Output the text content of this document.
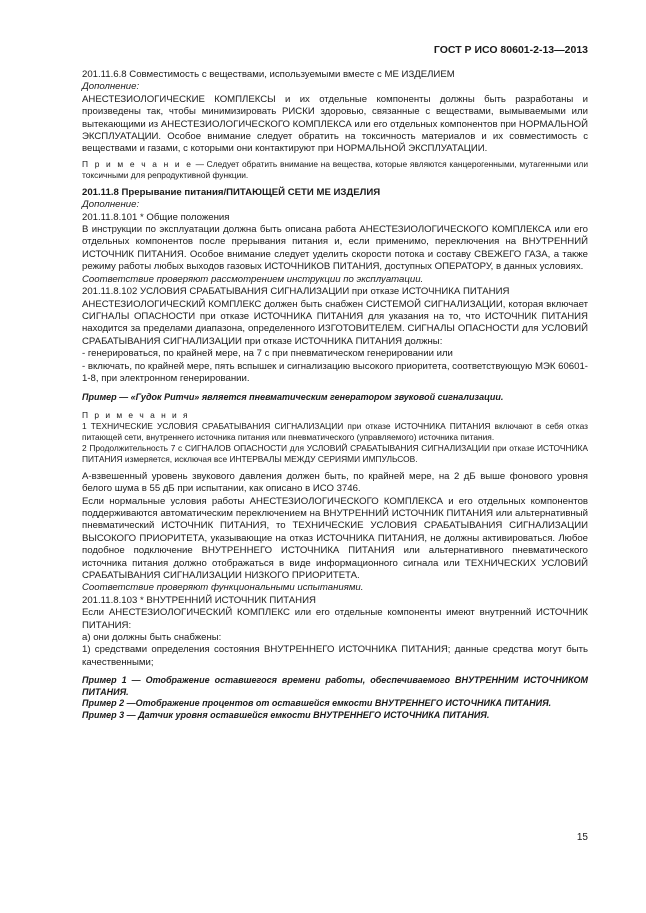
ГОСТ Р ИСО 80601-2-13—2013

201.11.6.8 Совместимость с веществами, используемыми вместе с МЕ ИЗДЕЛИЕМ

Дополнение:

АНЕСТЕЗИОЛОГИЧЕСКИЕ КОМПЛЕКСЫ и их отдельные компоненты должны быть разработаны и произведены так, чтобы минимизировать РИСКИ здоровью, связанные с веществами, вымываемыми или вытекающими из АНЕСТЕЗИОЛОГИЧЕСКОГО КОМПЛЕКСА или его отдельных компонентов при НОРМАЛЬНОЙ ЭКСПЛУАТАЦИИ. Особое внимание следует обратить на токсичность материалов и их совместимость с веществами и газами, с которыми они контактируют при НОРМАЛЬНОЙ ЭКСПЛУАТАЦИИ.

П р и м е ч а н и е — Следует обратить внимание на вещества, которые являются канцерогенными, мутагенными или токсичными для репродуктивной функции.

201.11.8 Прерывание питания/ПИТАЮЩЕЙ СЕТИ МЕ ИЗДЕЛИЯ

Дополнение:

201.11.8.101 * Общие положения

В инструкции по эксплуатации должна быть описана работа АНЕСТЕЗИОЛОГИЧЕСКОГО КОМПЛЕКСА или его отдельных компонентов после прерывания питания и, если применимо, переключения на ВНУТРЕННИЙ ИСТОЧНИК ПИТАНИЯ. Особое внимание следует уделить скорости потока и составу СВЕЖЕГО ГАЗА, а также режиму работы любых выходов газовых ИСТОЧНИКОВ ПИТАНИЯ, доступных ОПЕРАТОРУ, в данных условиях.

Соответствие проверяют рассмотрением инструкции по эксплуатации.

201.11.8.102 УСЛОВИЯ СРАБАТЫВАНИЯ СИГНАЛИЗАЦИИ при отказе ИСТОЧНИКА ПИТАНИЯ

АНЕСТЕЗИОЛОГИЧЕСКИЙ КОМПЛЕКС должен быть снабжен СИСТЕМОЙ СИГНАЛИЗАЦИИ, которая включает СИГНАЛЫ ОПАСНОСТИ при отказе ИСТОЧНИКА ПИТАНИЯ для указания на то, что ИСТОЧНИК ПИТАНИЯ находится за пределами диапазона, определенного ИЗГОТОВИТЕЛЕМ. СИГНАЛЫ ОПАСНОСТИ для УСЛОВИЙ СРАБАТЫВАНИЯ СИГНАЛИЗАЦИИ при отказе ИСТОЧНИКА ПИТАНИЯ должны:

- генерироваться, по крайней мере, на 7 с при пневматическом генерировании или

- включать, по крайней мере, пять вспышек и сигнализацию высокого приоритета, соответствующую МЭК 60601-1-8, при электронном генерировании.

Пример — «Гудок Ритчи» является пневматическим генератором звуковой сигнализации.

П р и м е ч а н и я

1 ТЕХНИЧЕСКИЕ УСЛОВИЯ СРАБАТЫВАНИЯ СИГНАЛИЗАЦИИ при отказе ИСТОЧНИКА ПИТАНИЯ включают в себя отказ питающей сети, внутреннего источника питания или пневматического (управляемого) источника питания.

2 Продолжительность 7 с СИГНАЛОВ ОПАСНОСТИ для УСЛОВИЙ СРАБАТЫВАНИЯ СИГНАЛИЗАЦИИ при отказе ИСТОЧНИКА ПИТАНИЯ измеряется, исключая все ИНТЕРВАЛЫ МЕЖДУ СЕРИЯМИ ИМПУЛЬСОВ.

А-взвешенный уровень звукового давления должен быть, по крайней мере, на 2 дБ выше фонового уровня белого шума в 55 дБ при испытании, как описано в ИСО 3746.

Если нормальные условия работы АНЕСТЕЗИОЛОГИЧЕСКОГО КОМПЛЕКСА и его отдельных компонентов поддерживаются автоматическим переключением на ВНУТРЕННИЙ ИСТОЧНИК ПИТАНИЯ или альтернативный пневматический ИСТОЧНИК ПИТАНИЯ, то ТЕХНИЧЕСКИЕ УСЛОВИЯ СРАБАТЫВАНИЯ СИГНАЛИЗАЦИИ ВЫСОКОГО ПРИОРИТЕТА, указывающие на отказ ИСТОЧНИКА ПИТАНИЯ, не должны активироваться. Любое подобное подключение ВНУТРЕННЕГО ИСТОЧНИКА ПИТАНИЯ или альтернативного пневматического источника питания должно отображаться в виде информационного сигнала или ТЕХНИЧЕСКИХ УСЛОВИЙ СРАБАТЫВАНИЯ СИГНАЛИЗАЦИИ НИЗКОГО ПРИОРИТЕТА.

Соответствие проверяют функциональными испытаниями.

201.11.8.103 * ВНУТРЕННИЙ ИСТОЧНИК ПИТАНИЯ

Если АНЕСТЕЗИОЛОГИЧЕСКИЙ КОМПЛЕКС или его отдельные компоненты имеют внутренний ИСТОЧНИК ПИТАНИЯ:

а) они должны быть снабжены:

1) средствами определения состояния ВНУТРЕННЕГО ИСТОЧНИКА ПИТАНИЯ; данные средства могут быть качественными;

Пример 1 — Отображение оставшегося времени работы, обеспечиваемого ВНУТРЕННИМ ИСТОЧНИКОМ ПИТАНИЯ.

Пример 2 —Отображение процентов от оставшейся емкости ВНУТРЕННЕГО ИСТОЧНИКА ПИТАНИЯ.

Пример 3 — Датчик уровня оставшейся емкости ВНУТРЕННЕГО ИСТОЧНИКА ПИТАНИЯ.

15
